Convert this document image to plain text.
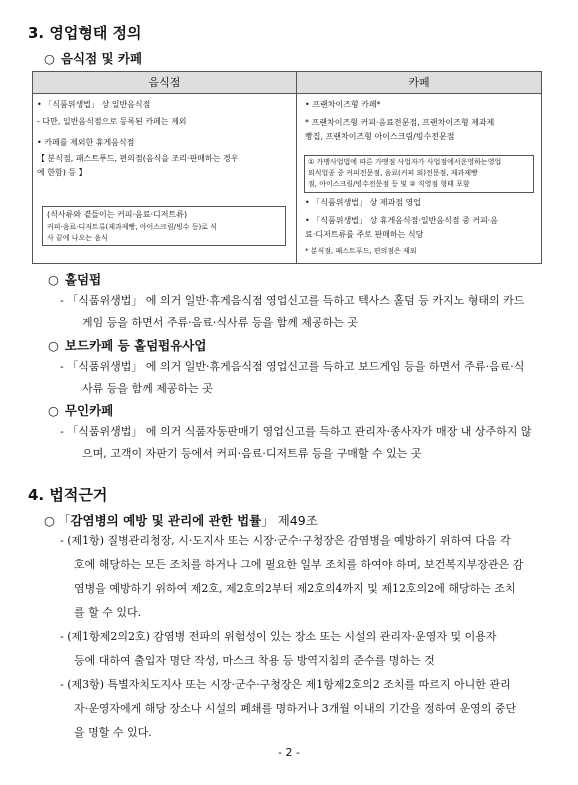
3. 영업형태 정의
○ 음식점 및 카페
음식점	카페
• 「식품위생법」 상 일반음식점
- 다만, 일반음식점으로 등록된 카페는 제외
• 카페를 제외한 휴게음식점
【 분식점, 패스트푸드, 편의점(음식을 조리·판매하는 경우
에 한함) 등 】
(식사류와 곁들이는 커피·음료·디저트류)
커피·음료·디저트류(제과제빵, 아이스크림/빙수 등)로 식
사 끝에 나오는 음식
① 가맹사업법에 따른 가맹점 사업자가 사업점에서운영하는영업
외식업종 중 커피전문점, 음료(커피 외)전문점, 제과제빵
점, 아이스크림/빙수전문점 등 및 ② 직영점 형태 포함
• 프랜차이즈형 카페*
* 프랜차이즈형 커피·음료전문점, 프랜차이즈형 제과제
빵집, 프랜차이즈형 아이스크림/빙수전문점
• 「식품위생법」 상 제과점 영업
• 「식품위생법」 상 휴게음식점·일반음식점 중 커피·음
료·디저트류를 주로 판매하는 식당
* 분식점, 패스트푸드, 편의점은 제외
○ 홀덤펍
- 「식품위생법」 에 의거 일반·휴게음식점 영업신고를 득하고 텍사스 홀덤 등 카지노 형태의 카드
게임 등을 하면서 주류·음료·식사류 등을 함께 제공하는 곳
○ 보드카페 등 홀덤펍유사업
- 「식품위생법」 에 의거 일반·휴게음식점 영업신고를 득하고 보드게임 등을 하면서 주류·음료·식
사류 등을 함께 제공하는 곳
○ 무인카페
- 「식품위생법」 에 의거 식품자동판매기 영업신고를 득하고 관리자·종사자가 매장 내 상주하지 않
으며, 고객이 자판기 등에서 커피·음료·디저트류 등을 구매할 수 있는 곳
4. 법적근거
○ 「감염병의 예방 및 관리에 관한 법률」 제49조
- (제1항) 질병관리청장, 시·도지사 또는 시장·군수·구청장은 감염병을 예방하기 위하여 다음 각
호에 해당하는 모든 조치를 하거나 그에 필요한 일부 조치를 하여야 하며, 보건복지부장관은 감
염병을 예방하기 위하여 제2호, 제2호의2부터 제2호의4까지 및 제12호의2에 해당하는 조치
를 할 수 있다.
- (제1항제2의2호) 감염병 전파의 위험성이 있는 장소 또는 시설의 관리자·운영자 및 이용자
등에 대하여 출입자 명단 작성, 마스크 착용 등 방역지침의 준수를 명하는 것
- (제3항) 특별자치도지사 또는 시장·군수·구청장은 제1항제2호의2 조치를 따르지 아니한 관리
자·운영자에게 해당 장소나 시설의 폐쇄를 명하거나 3개월 이내의 기간을 정하여 운영의 중단
을 명할 수 있다.
- 2 -
